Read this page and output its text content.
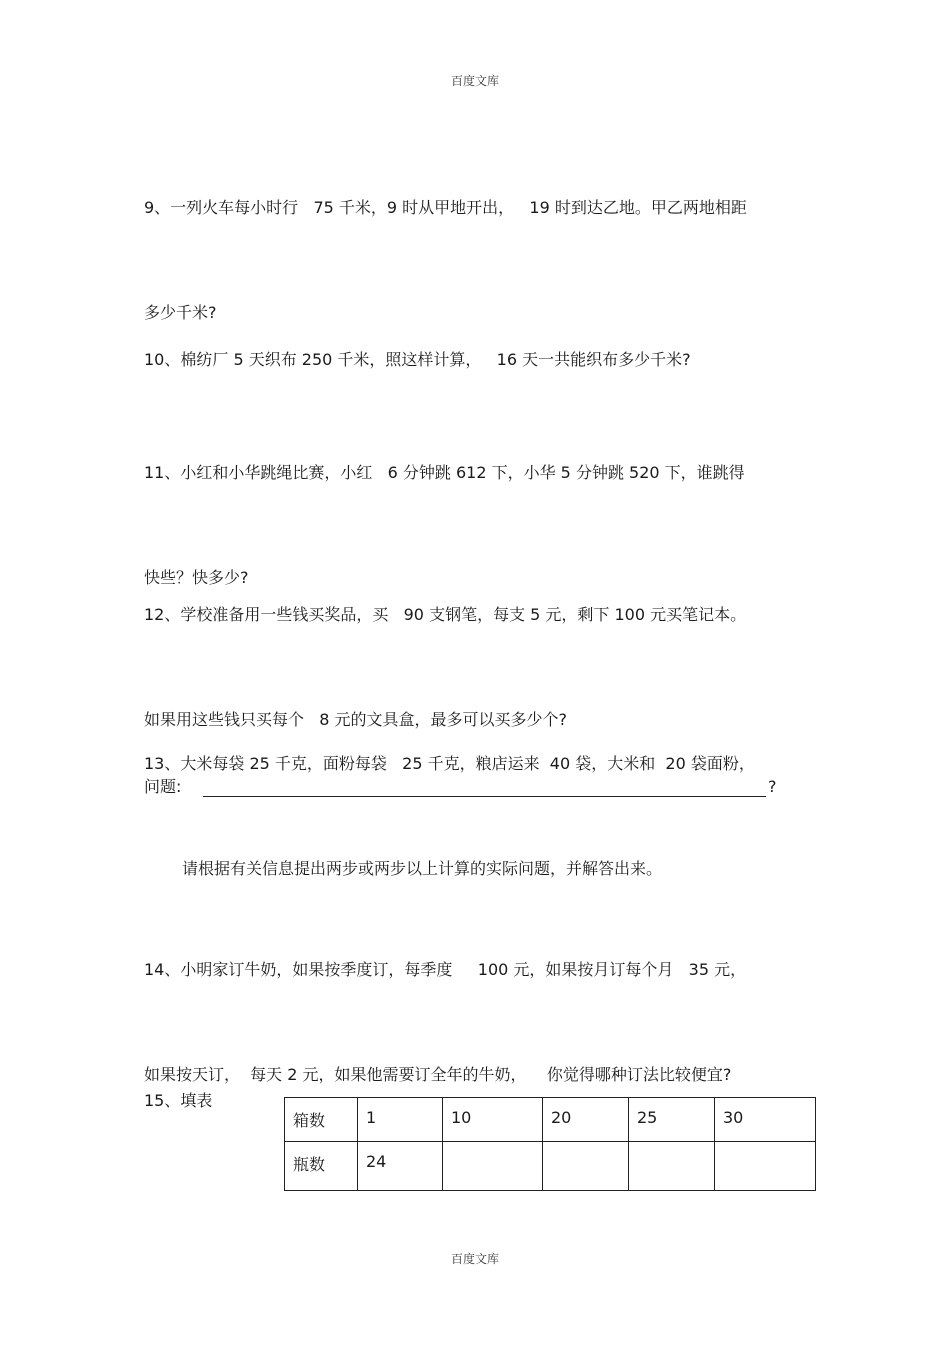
百度文库

9、一列火车每小时行   75 千米，9 时从甲地开出，   19 时到达乙地。甲乙两地相距

多少千米?

10、棉纺厂 5 天织布 250 千米，照这样计算，   16 天一共能织布多少千米?

11、小红和小华跳绳比赛，小红   6 分钟跳 612 下，小华 5 分钟跳 520 下，谁跳得

快些？快多少?

12、学校准备用一些钱买奖品，买   90 支钢笔，每支 5 元，剩下 100 元买笔记本。

如果用这些钱只买每个   8 元的文具盒，最多可以买多少个?

13、大米每袋 25 千克，面粉每袋   25 千克，粮店运来  40 袋，大米和  20 袋面粉，

请根据有关信息提出两步或两步以上计算的实际问题，并解答出来。

问题:	?

14、小明家订牛奶，如果按季度订，每季度     100 元，如果按月订每个月   35 元，

如果按天订，  每天 2 元，如果他需要订全年的牛奶，    你觉得哪种订法比较便宜?

15、填表
箱数	1	10	20	25	30
瓶数	24				
百度文库
